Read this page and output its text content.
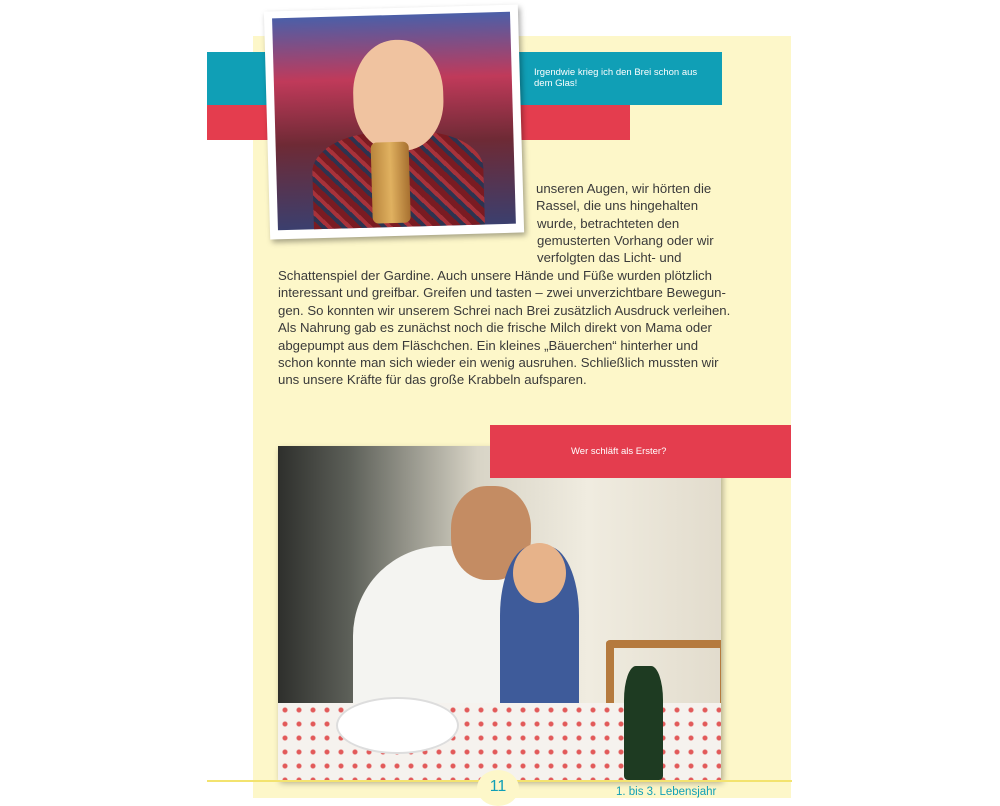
Irgendwie krieg ich den Brei schon aus dem Glas!
unseren Augen, wir hörten die
Rassel, die uns hingehalten
wurde, betrachteten den
gemusterten Vorhang oder wir
verfolgten das Licht- und
Schattenspiel der Gardine. Auch unsere Hände und Füße wurden plötzlich
interessant und greifbar. Greifen und tasten – zwei unverzichtbare Bewegun-
gen. So konnten wir unserem Schrei nach Brei zusätzlich Ausdruck verleihen.
Als Nahrung gab es zunächst noch die frische Milch direkt von Mama oder
abgepumpt aus dem Fläschchen. Ein kleines „Bäuerchen“ hinterher und
schon konnte man sich wieder ein wenig ausruhen. Schließlich mussten wir
uns unsere Kräfte für das große Krabbeln aufsparen.
Wer schläft als Erster?
11	1. bis 3. Lebensjahr
